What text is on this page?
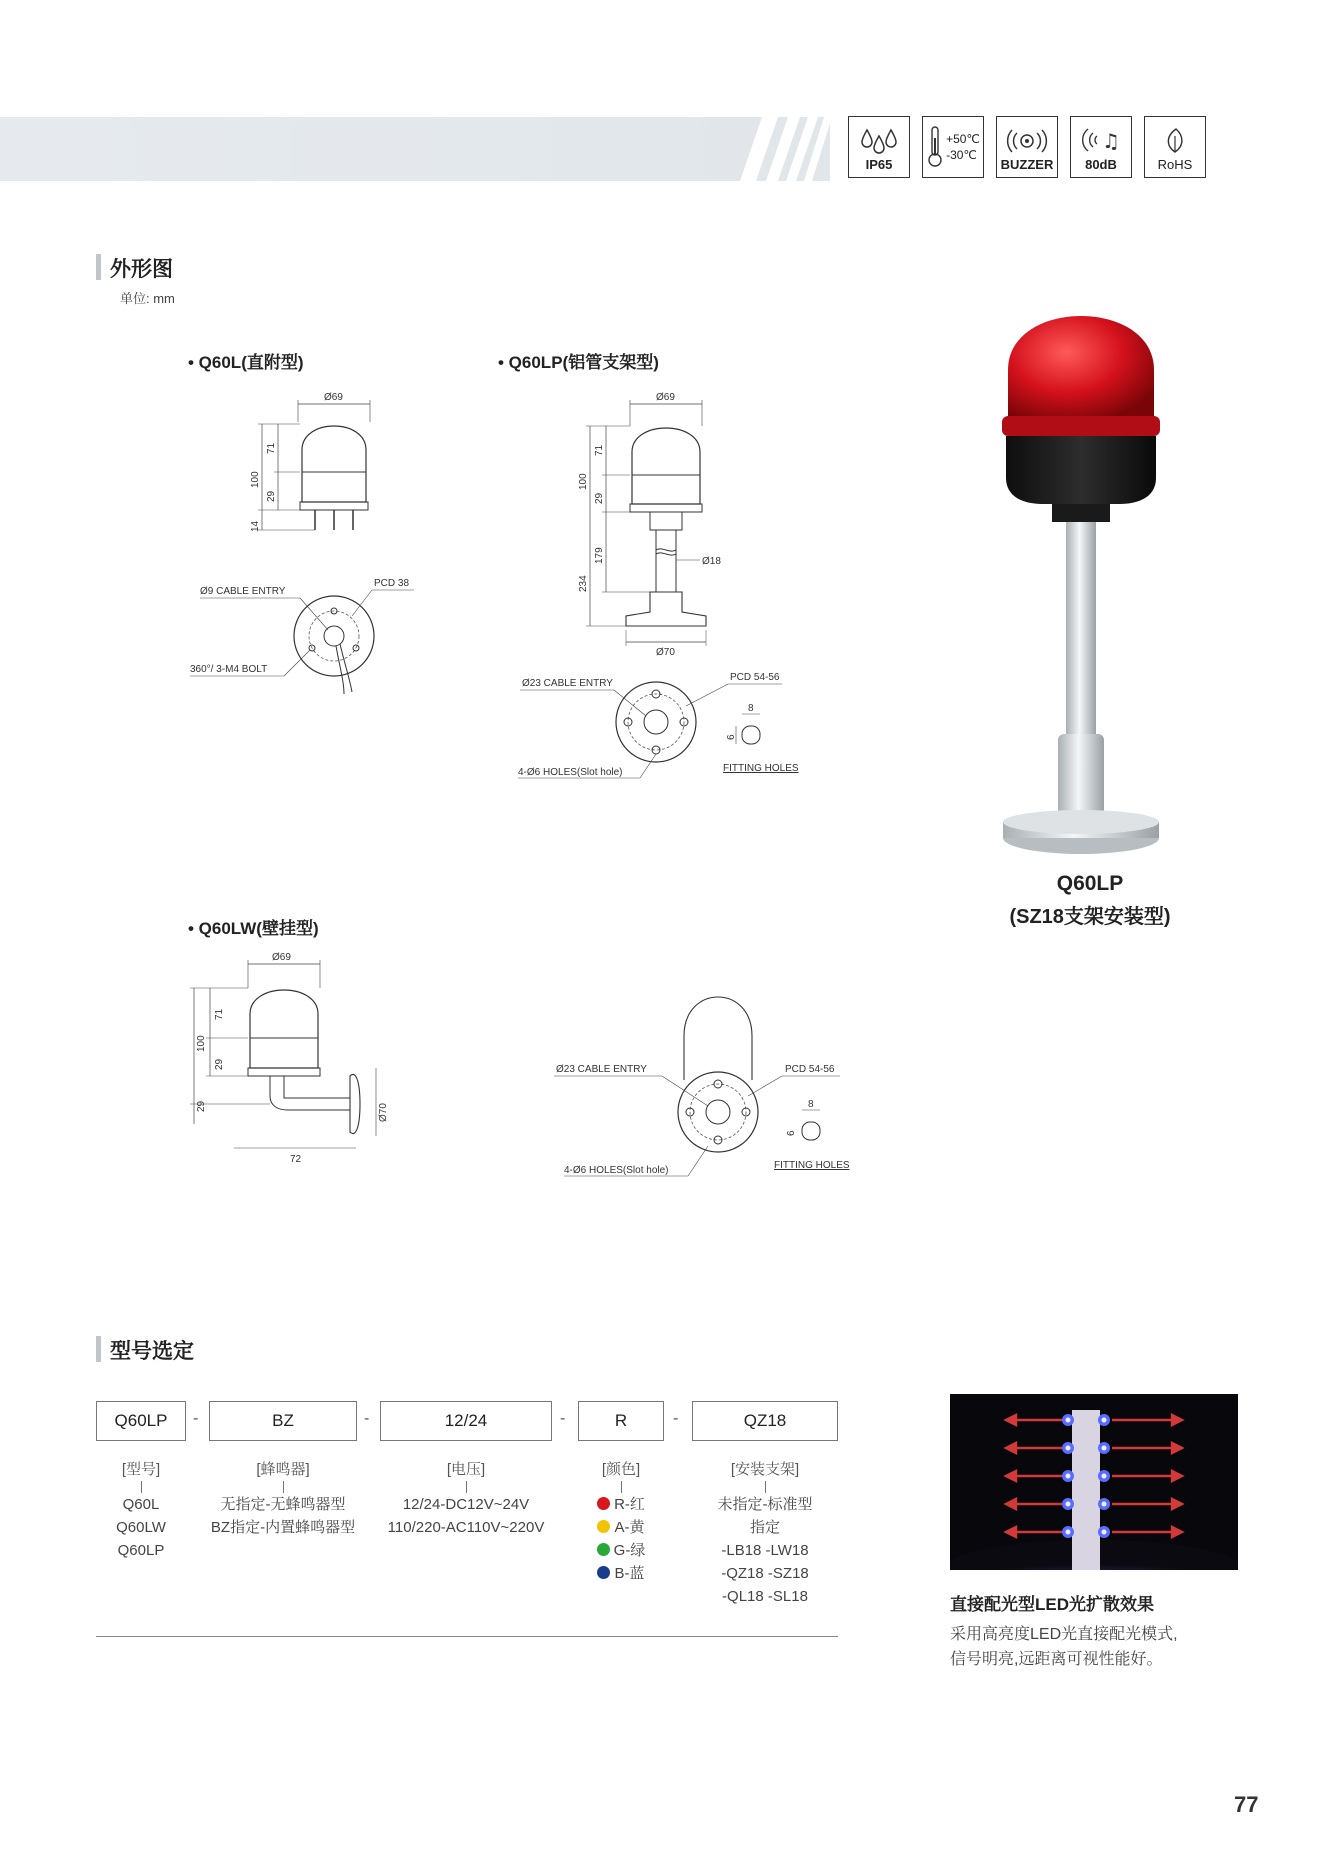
IP65
+50℃
-30℃
BUZZER
♫
80dB	RoHS
外形图
单位: mm
• Q60L(直附型)	• Q60LP(铝管支架型)
• Q60LW(壁挂型)
Ø69
100
71
29
14
Ø9 CABLE ENTRY
PCD 38
360°/ 3-M4 BOLT
Ø69
Ø18
Ø70
100
71
29
179
234
Ø23 CABLE ENTRY
PCD 54-56
4-Ø6 HOLES(Slot hole)
8
6
FITTING HOLES
Ø69
Ø70
72
100
71
29
29
Ø23 CABLE ENTRY	PCD 54-56
4-Ø6 HOLES(Slot hole)
8
6
FITTING HOLES
Q60LP
(SZ18支架安装型)
型号选定
Q60LP	-	BZ	-	12/24	-	R	-	QZ18
[型号]
Q60L
Q60LW
Q60LP
[蜂鸣器]
无指定-无蜂鸣器型
BZ指定-内置蜂鸣器型
[电压]
12/24-DC12V~24V
110/220-AC110V~220V
[颜色]
R-红
A-黄
G-绿
B-蓝
[安装支架]
未指定-标准型
指定
-LB18 -LW18
-QZ18 -SZ18
-QL18 -SL18	直接配光型LED光扩散效果
采用高亮度LED光直接配光模式,
信号明亮,远距离可视性能好。
77
